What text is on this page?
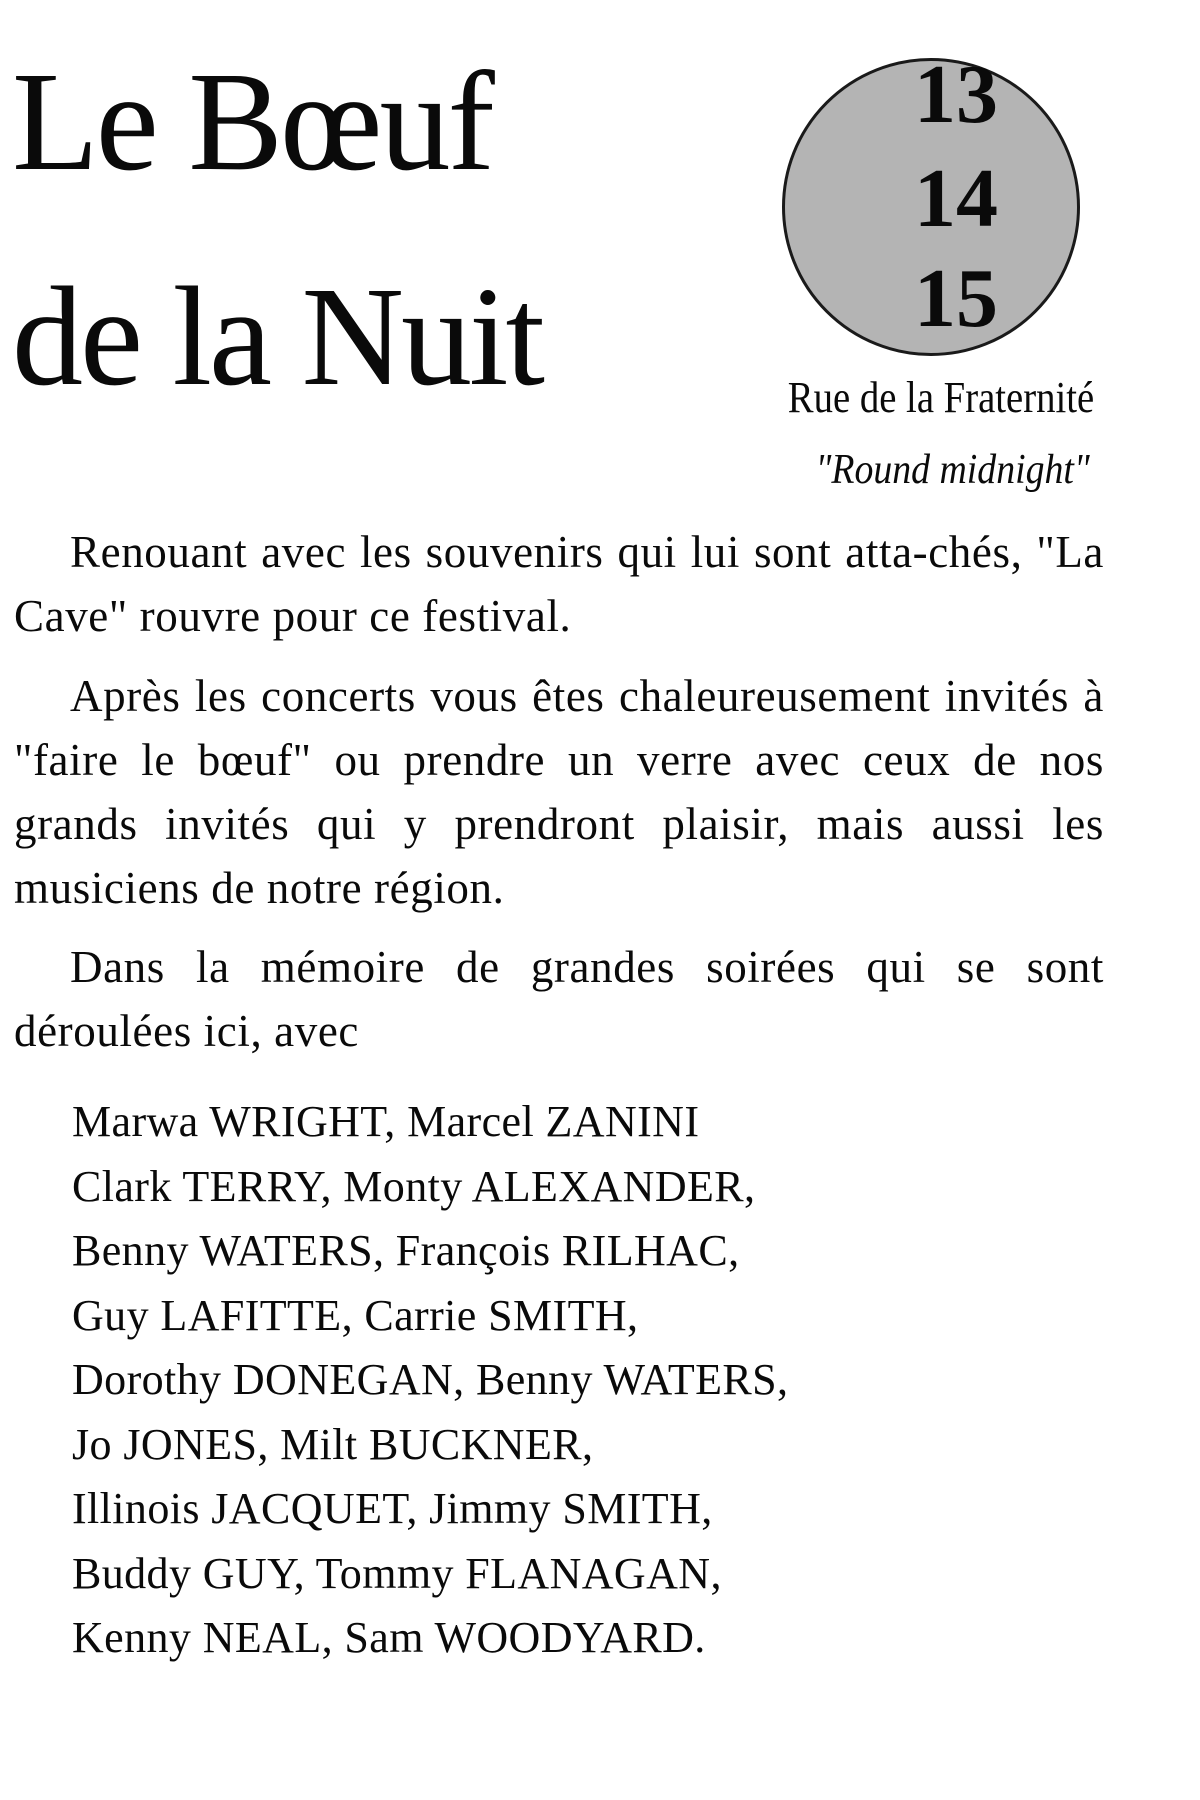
Le Bœuf
de la Nuit
13
14
15
Rue de la Fraternité
"Round midnight"

Renouant avec les souvenirs qui lui sont atta-chés, "La Cave" rouvre pour ce festival.

Après les concerts vous êtes chaleureusement invités à "faire le bœuf" ou prendre un verre avec ceux de nos grands invités qui y prendront plaisir, mais aussi les musiciens de notre région.

Dans la mémoire de grandes soirées qui se sont déroulées ici, avec

Marwa WRIGHT, Marcel ZANINI
Clark TERRY, Monty ALEXANDER,
Benny WATERS, François RILHAC,
Guy LAFITTE, Carrie SMITH,
Dorothy DONEGAN, Benny WATERS,
Jo JONES, Milt BUCKNER,
Illinois JACQUET, Jimmy SMITH,
Buddy GUY, Tommy FLANAGAN,
Kenny NEAL, Sam WOODYARD.
